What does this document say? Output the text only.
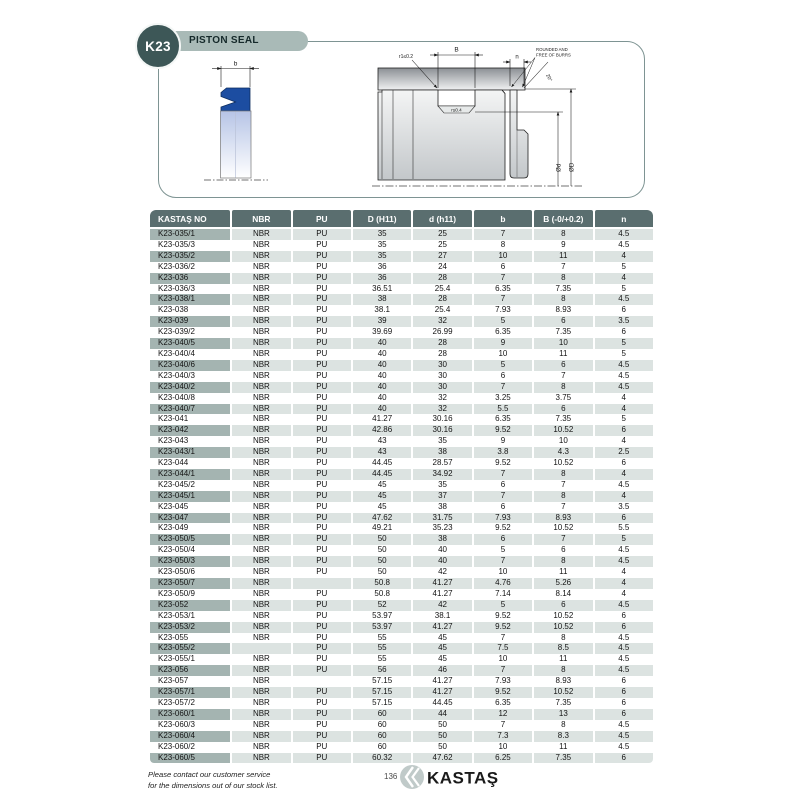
PISTON SEAL
K23
b
r≤0.4
B
n
r1≤0.2
ROUNDED AND
FREE OF BURRS
20°
ØD
Ød
KASTAŞ NO	NBR	PU	D (H11)	d (h11)	b	B (-0/+0.2)	n
K23-035/1	NBR	PU	35	25	7	8	4.5
K23-035/3	NBR	PU	35	25	8	9	4.5
K23-035/2	NBR	PU	35	27	10	11	4
K23-036/2	NBR	PU	36	24	6	7	5
K23-036	NBR	PU	36	28	7	8	4
K23-036/3	NBR	PU	36.51	25.4	6.35	7.35	5
K23-038/1	NBR	PU	38	28	7	8	4.5
K23-038	NBR	PU	38.1	25.4	7.93	8.93	6
K23-039	NBR	PU	39	32	5	6	3.5
K23-039/2	NBR	PU	39.69	26.99	6.35	7.35	6
K23-040/5	NBR	PU	40	28	9	10	5
K23-040/4	NBR	PU	40	28	10	11	5
K23-040/6	NBR	PU	40	30	5	6	4.5
K23-040/3	NBR	PU	40	30	6	7	4.5
K23-040/2	NBR	PU	40	30	7	8	4.5
K23-040/8	NBR	PU	40	32	3.25	3.75	4
K23-040/7	NBR	PU	40	32	5.5	6	4
K23-041	NBR	PU	41.27	30.16	6.35	7.35	5
K23-042	NBR	PU	42.86	30.16	9.52	10.52	6
K23-043	NBR	PU	43	35	9	10	4
K23-043/1	NBR	PU	43	38	3.8	4.3	2.5
K23-044	NBR	PU	44.45	28.57	9.52	10.52	6
K23-044/1	NBR	PU	44.45	34.92	7	8	4
K23-045/2	NBR	PU	45	35	6	7	4.5
K23-045/1	NBR	PU	45	37	7	8	4
K23-045	NBR	PU	45	38	6	7	3.5
K23-047	NBR	PU	47.62	31.75	7.93	8.93	6
K23-049	NBR	PU	49.21	35.23	9.52	10.52	5.5
K23-050/5	NBR	PU	50	38	6	7	5
K23-050/4	NBR	PU	50	40	5	6	4.5
K23-050/3	NBR	PU	50	40	7	8	4.5
K23-050/6	NBR	PU	50	42	10	11	4
K23-050/7	NBR		50.8	41.27	4.76	5.26	4
K23-050/9	NBR	PU	50.8	41.27	7.14	8.14	4
K23-052	NBR	PU	52	42	5	6	4.5
K23-053/1	NBR	PU	53.97	38.1	9.52	10.52	6
K23-053/2	NBR	PU	53.97	41.27	9.52	10.52	6
K23-055	NBR	PU	55	45	7	8	4.5
K23-055/2		PU	55	45	7.5	8.5	4.5
K23-055/1	NBR	PU	55	45	10	11	4.5
K23-056	NBR	PU	56	46	7	8	4.5
K23-057	NBR		57.15	41.27	7.93	8.93	6
K23-057/1	NBR	PU	57.15	41.27	9.52	10.52	6
K23-057/2	NBR	PU	57.15	44.45	6.35	7.35	6
K23-060/1	NBR	PU	60	44	12	13	6
K23-060/3	NBR	PU	60	50	7	8	4.5
K23-060/4	NBR	PU	60	50	7.3	8.3	4.5
K23-060/2	NBR	PU	60	50	10	11	4.5
K23-060/5	NBR	PU	60.32	47.62	6.25	7.35	6
Please contact our customer service
for the dimensions out of our stock list.
136 KASTAŞ
